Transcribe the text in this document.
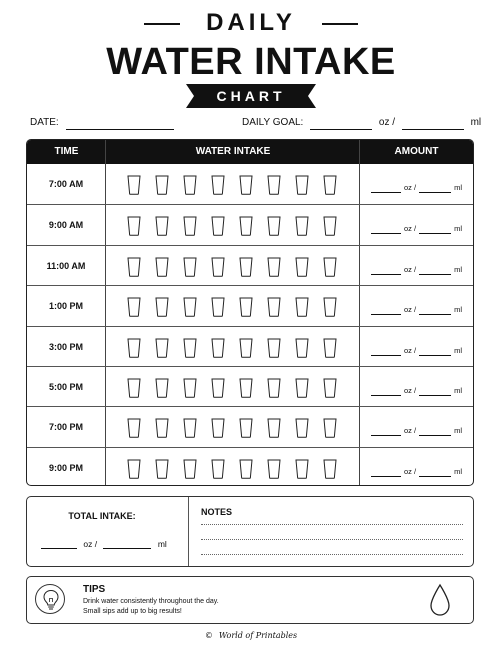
DAILY
WATER INTAKE
CHART
DATE:	DAILY GOAL:	oz /	ml
TIME	WATER INTAKE	AMOUNT
7:00 AM	oz /	ml
9:00 AM	oz /	ml
11:00 AM	oz /	ml
1:00 PM	oz /	ml
3:00 PM	oz /	ml
5:00 PM	oz /	ml
7:00 PM	oz /	ml
9:00 PM	oz /	ml
TOTAL INTAKE:
oz /	ml
NOTES
TIPS
Drink water consistently throughout the day.
Small sips add up to big results!
© World of Printables
